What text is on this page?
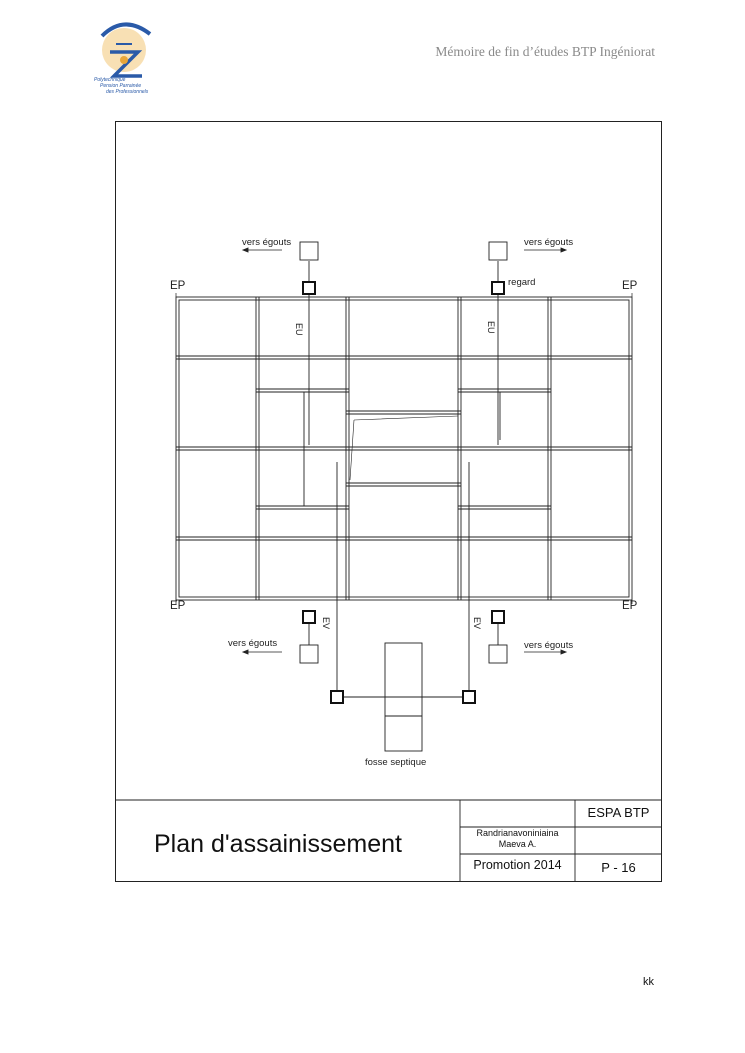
Polytechnique
Pension Parrainée
des Professionnels
Mémoire de fin d’études BTP Ingéniorat
vers égouts	vers égouts
vers égouts	vers égouts
regard
EP	EP
EP	EP
EU	EU
EV	EV
fosse septique
Plan d'assainissement
ESPA BTP
Randrianavoniniaina
Maeva A.
Promotion 2014	P - 16
kk
